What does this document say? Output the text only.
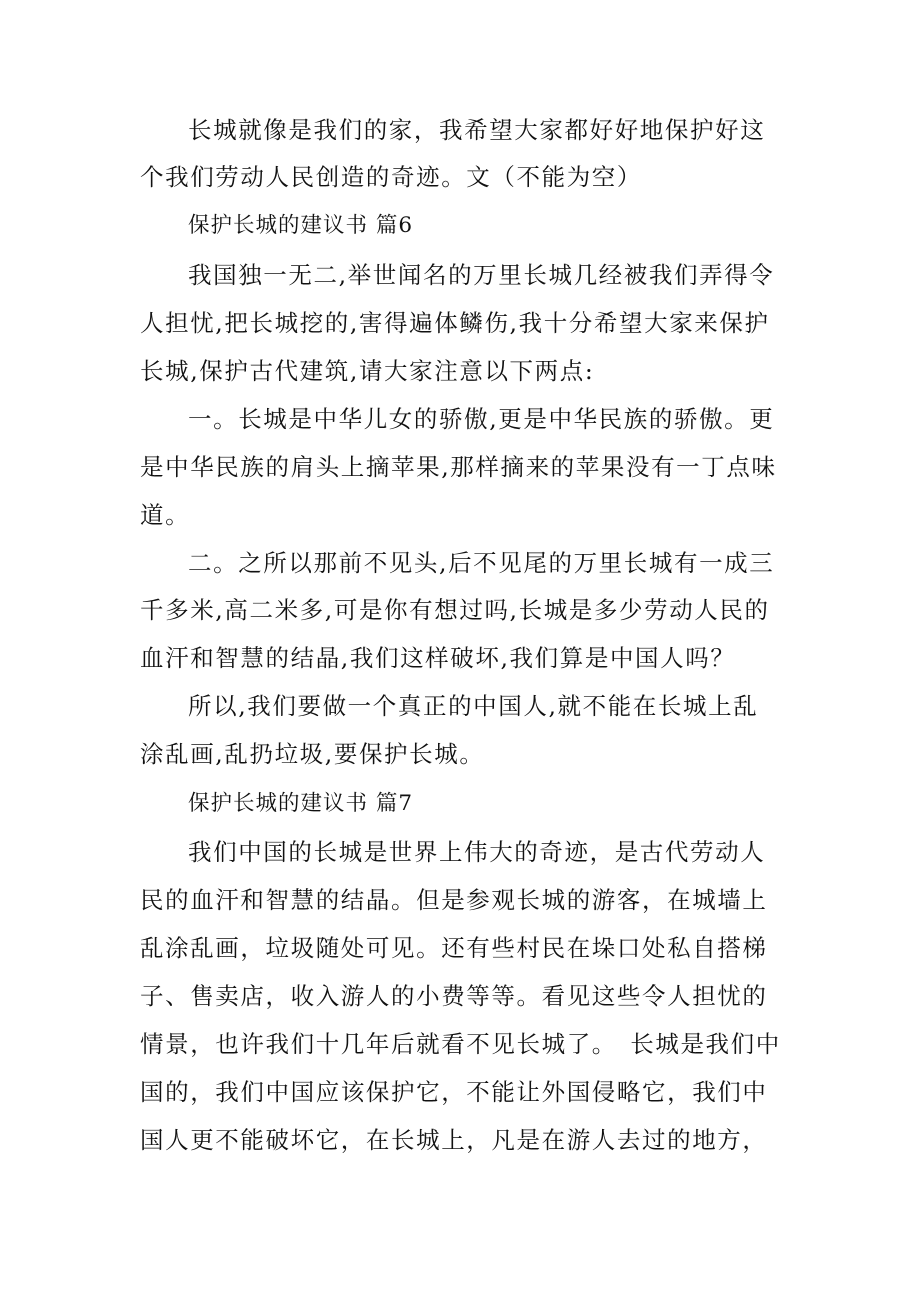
长城就像是我们的家，我希望大家都好好地保护好这
个我们劳动人民创造的奇迹。文（不能为空）
保护长城的建议书 篇6
我国独一无二,举世闻名的万里长城几经被我们弄得令
人担忧,把长城挖的,害得遍体鳞伤,我十分希望大家来保护
长城,保护古代建筑,请大家注意以下两点:
一。长城是中华儿女的骄傲,更是中华民族的骄傲。更
是中华民族的肩头上摘苹果,那样摘来的苹果没有一丁点味
道。
二。之所以那前不见头,后不见尾的万里长城有一成三
千多米,高二米多,可是你有想过吗,长城是多少劳动人民的
血汗和智慧的结晶,我们这样破坏,我们算是中国人吗？
所以,我们要做一个真正的中国人,就不能在长城上乱
涂乱画,乱扔垃圾,要保护长城。
保护长城的建议书 篇7
我们中国的长城是世界上伟大的奇迹，是古代劳动人
民的血汗和智慧的结晶。但是参观长城的游客，在城墙上
乱涂乱画，垃圾随处可见。还有些村民在垛口处私自搭梯
子、售卖店，收入游人的小费等等。看见这些令人担忧的
情景，也许我们十几年后就看不见长城了。　长城是我们中
国的，我们中国应该保护它，不能让外国侵略它，我们中
国人更不能破坏它，在长城上，凡是在游人去过的地方，
